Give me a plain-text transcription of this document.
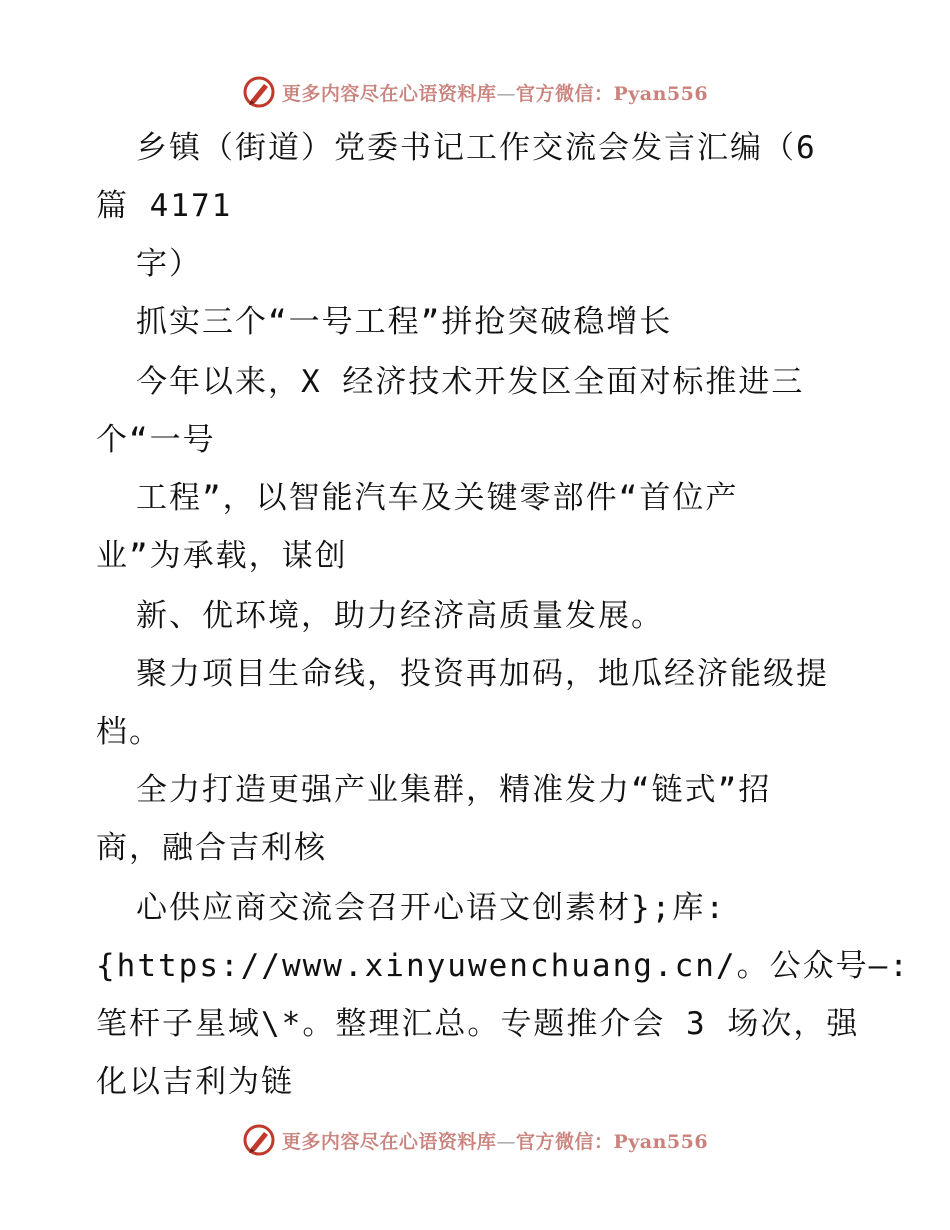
更多内容尽在心语资料库—官方微信：Pyan556
乡镇（街道）党委书记工作交流会发言汇编（6
篇 4171
字）
抓实三个“一号工程”拼抢突破稳增长
今年以来，X 经济技术开发区全面对标推进三
个“一号
工程”，以智能汽车及关键零部件“首位产
业”为承载，谋创
新、优环境，助力经济高质量发展。
聚力项目生命线，投资再加码，地瓜经济能级提
档。
全力打造更强产业集群，精准发力“链式”招
商，融合吉利核
心供应商交流会召开心语文创素材};库:
{https://www.xinyuwenchuang.cn/。公众号—:
笔杆子星域\*。整理汇总。专题推介会 3 场次，强
化以吉利为链
更多内容尽在心语资料库—官方微信：Pyan556
